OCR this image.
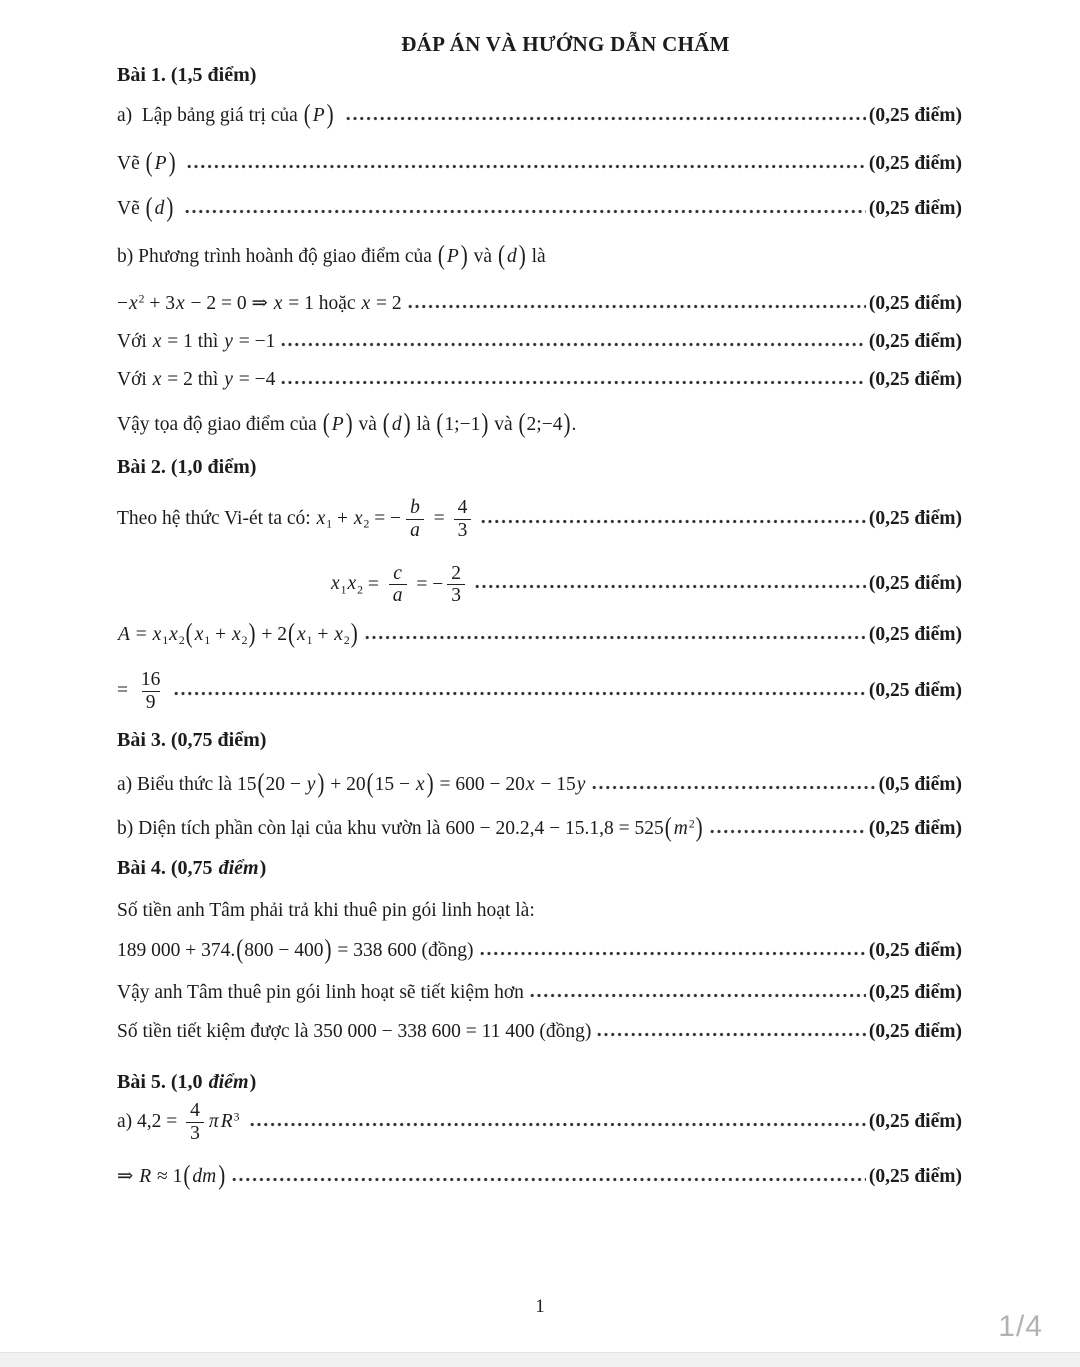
ĐÁP ÁN VÀ HƯỚNG DẪN CHẤM
Bài 1. (1,5 điểm)
a)  Lập bảng giá trị của ( P)	(0,25 điểm)
Vẽ ( P)	(0,25 điểm)
Vẽ ( d)	(0,25 điểm)
b) Phương trình hoành độ giao điểm của ( P) và ( d) là
$-x^2 + 3x - 2 = 0$ ⇒ x = 1 hoặc x = 2	(0,25 điểm)
Với x = 1 thì y = −1	(0,25 điểm)
Với x = 2 thì y = −4	(0,25 điểm)
Vậy tọa độ giao điểm của ( P) và ( d) là (1;−1) và (2;−4).
Bài 2. (1,0 điểm)
Theo hệ thức Vi-ét ta có: $x_1 + x_2$ = − $\frac{b}{a} = \frac{4}{3}$	(0,25 điểm)
$x_1x_2 = \frac{c}{a}$ = − $\frac{2}{3}$	(0,25 điểm)
$A = x_1x_2$( $x_1 + x_2) + 2$( $x_1 + x_2$)	(0,25 điểm)
= $\frac{16}{9}$	(0,25 điểm)
Bài 3. (0,75 điểm)
a) Biểu thức là 15(20 − y) + 20(15 − x) = 600 − 20x − 15y	(0,5 điểm)
b) Diện tích phần còn lại của khu vườn là 600 − 20.2,4 − 15.1,8 = 525( $m^2$)	(0,25 điểm)
Bài 4. (0,75 điểm)
Số tiền anh Tâm phải trả khi thuê pin gói linh hoạt là:
189 000 + 374.(800 − 400) = 338 600 (đồng)	(0,25 điểm)
Vậy anh Tâm thuê pin gói linh hoạt sẽ tiết kiệm hơn	(0,25 điểm)
Số tiền tiết kiệm được là 350 000 − 338 600 = 11 400 (đồng)	(0,25 điểm)
Bài 5. (1,0 điểm)
a) $4,2 = \frac{4}{3}$ π $R^3$	(0,25 điểm)
⇒ R ≈ 1( dm)	(0,25 điểm)
1
1/4
